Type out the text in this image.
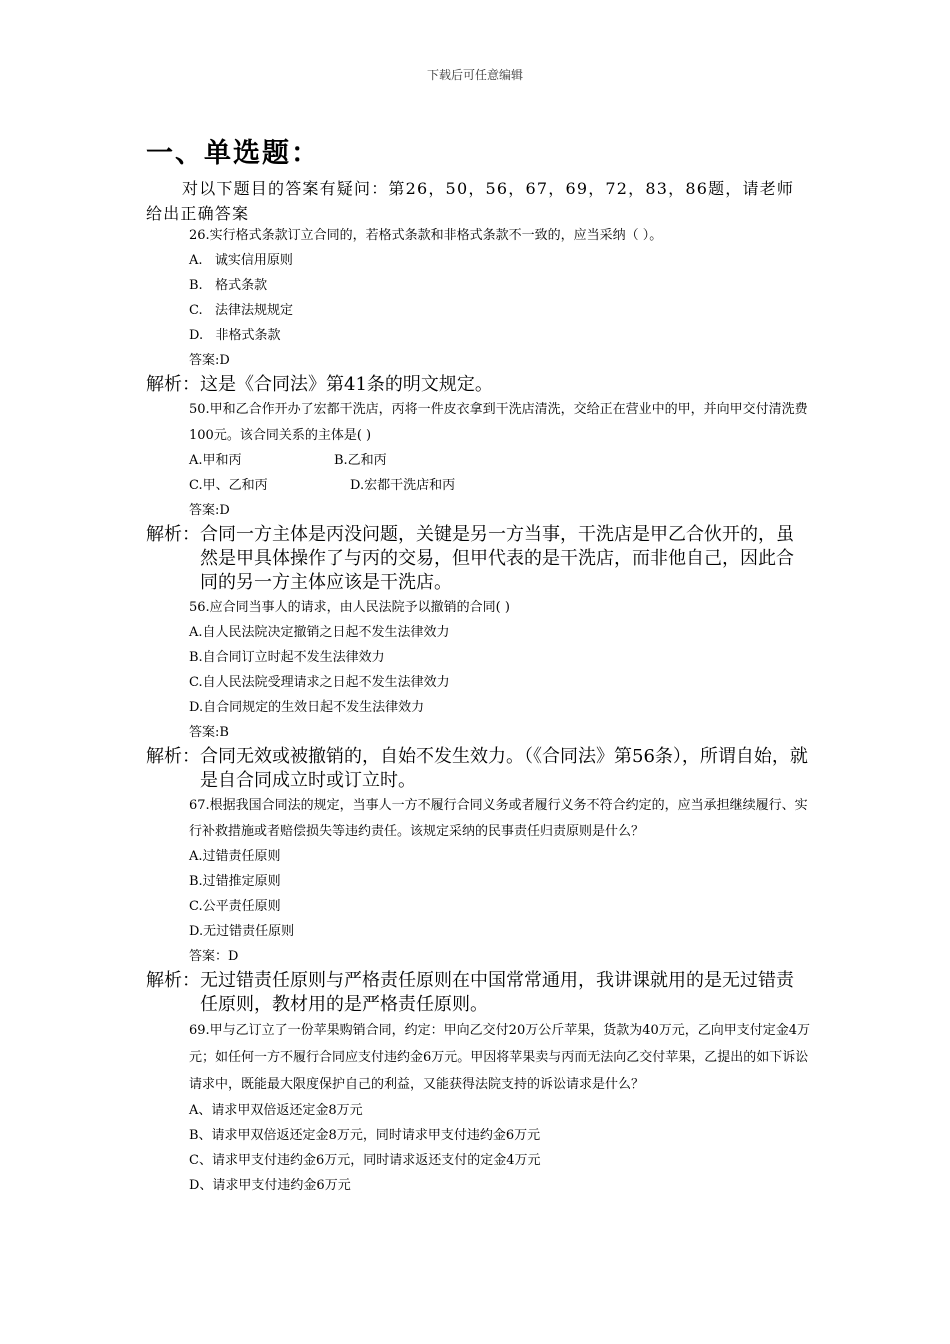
下载后可任意编辑
一、单选题：
对以下题目的答案有疑问：第26，50，56，67，69，72，83，86题，请老师给出正确答案

26.实行格式条款订立合同的，若格式条款和非格式条款不一致的，应当采纳（ ）。

A.   诚实信用原则

B.   格式条款

C.   法律法规规定

D.   非格式条款

答案:D

解析： 这是《合同法》第41条的明文规定。

50.甲和乙合作开办了宏都干洗店，丙将一件皮衣拿到干洗店清洗，交给正在营业中的甲，并向甲交付清洗费100元。该合同关系的主体是( )

A.甲和丙	B.乙和丙
C.甲、乙和丙	D.宏都干洗店和丙

答案:D

解析： 合同一方主体是丙没问题，关键是另一方当事，干洗店是甲乙合伙开的，虽然是甲具体操作了与丙的交易，但甲代表的是干洗店，而非他自己，因此合同的另一方主体应该是干洗店。

56.应合同当事人的请求，由人民法院予以撤销的合同( )

A.自人民法院决定撤销之日起不发生法律效力

B.自合同订立时起不发生法律效力

C.自人民法院受理请求之日起不发生法律效力

D.自合同规定的生效日起不发生法律效力

答案:B

解析： 合同无效或被撤销的，自始不发生效力。（《合同法》第56条），所谓自始，就是自合同成立时或订立时。

67.根据我国合同法的规定，当事人一方不履行合同义务或者履行义务不符合约定的，应当承担继续履行、实行补救措施或者赔偿损失等违约责任。该规定采纳的民事责任归责原则是什么？

A.过错责任原则

B.过错推定原则

C.公平责任原则

D.无过错责任原则

答案：D

解析： 无过错责任原则与严格责任原则在中国常常通用，我讲课就用的是无过错责任原则，教材用的是严格责任原则。

69.甲与乙订立了一份苹果购销合同，约定：甲向乙交付20万公斤苹果，货款为40万元，乙向甲支付定金4万元；如任何一方不履行合同应支付违约金6万元。甲因将苹果卖与丙而无法向乙交付苹果，乙提出的如下诉讼请求中，既能最大限度保护自己的利益，又能获得法院支持的诉讼请求是什么？

A、请求甲双倍返还定金8万元

B、请求甲双倍返还定金8万元，同时请求甲支付违约金6万元

C、请求甲支付违约金6万元，同时请求返还支付的定金4万元

D、请求甲支付违约金6万元
